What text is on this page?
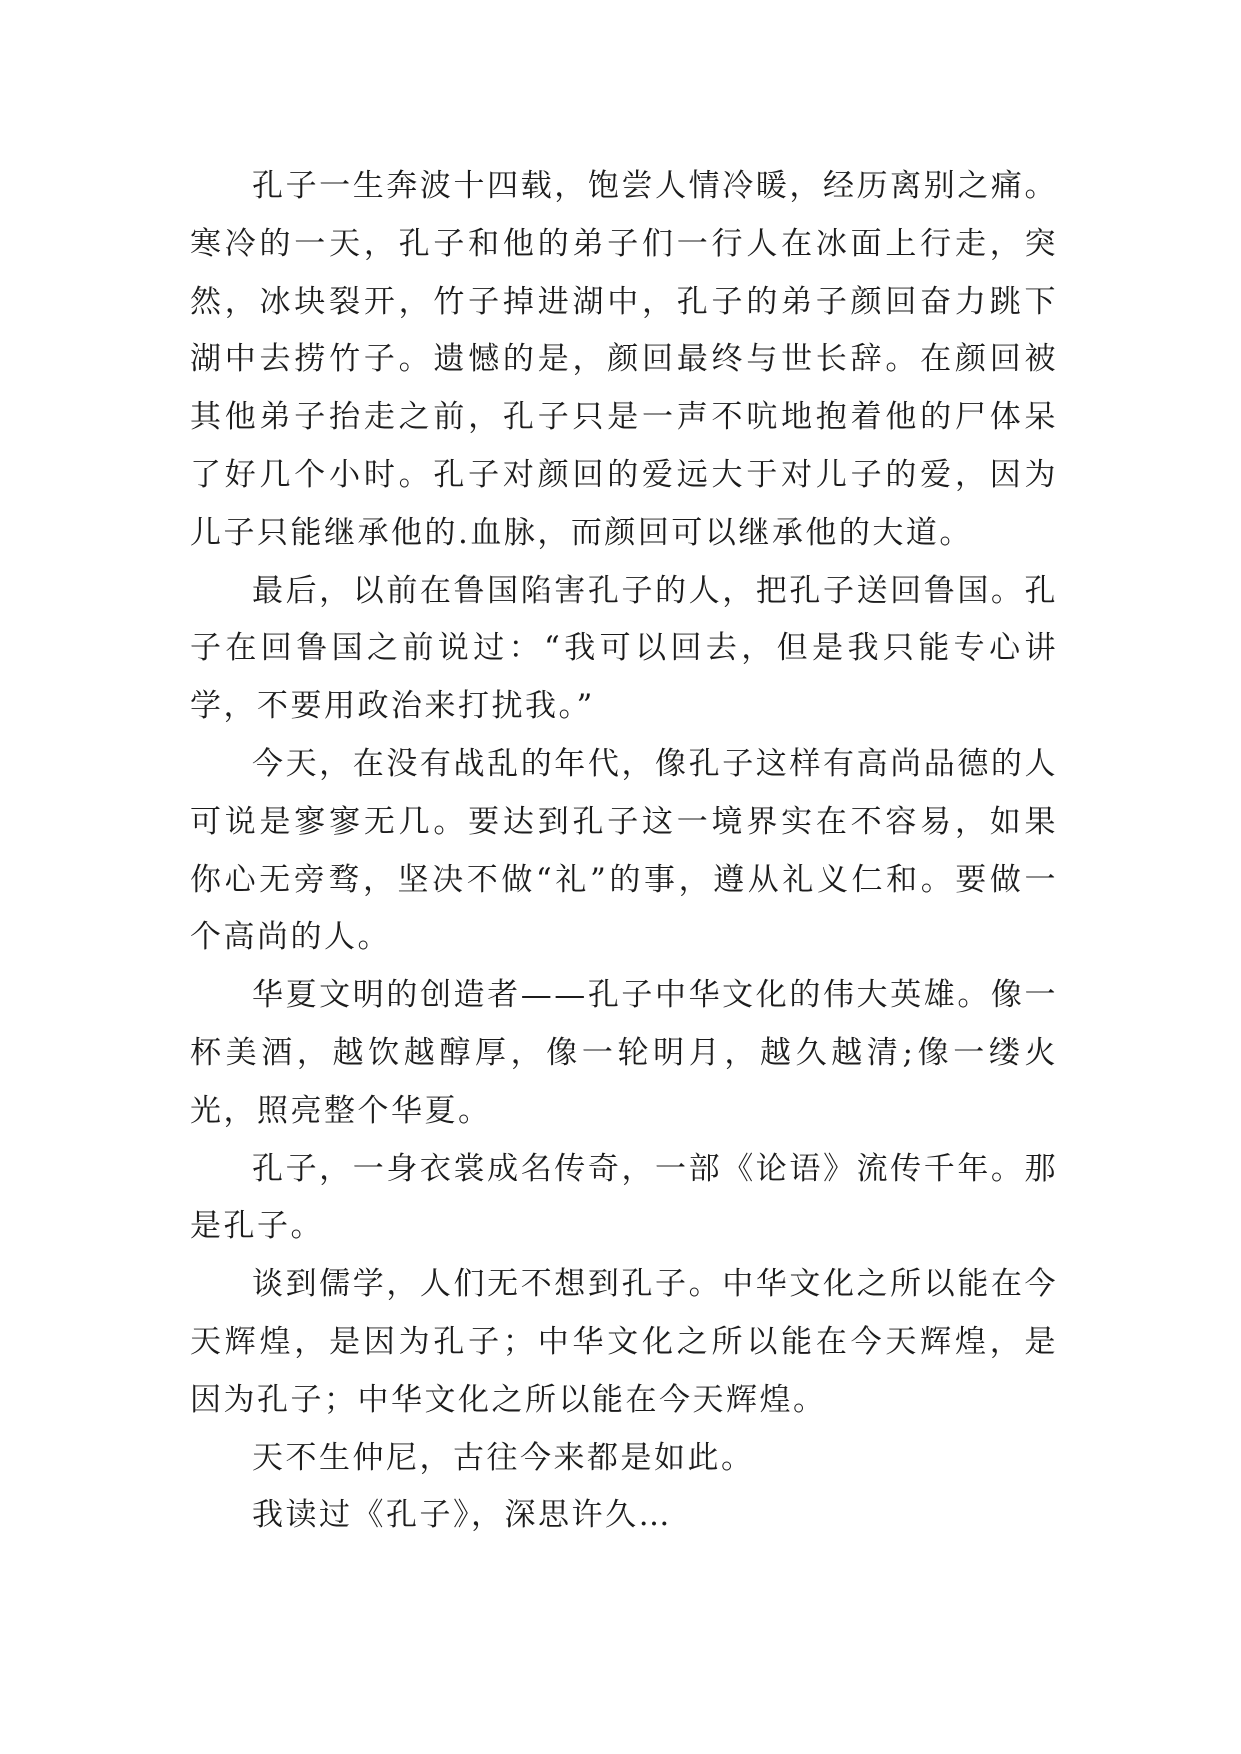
孔子一生奔波十四载，饱尝人情冷暖，经历离别之痛。寒冷的一天，孔子和他的弟子们一行人在冰面上行走，突然，冰块裂开，竹子掉进湖中，孔子的弟子颜回奋力跳下湖中去捞竹子。遗憾的是，颜回最终与世长辞。在颜回被其他弟子抬走之前，孔子只是一声不吭地抱着他的尸体呆了好几个小时。孔子对颜回的爱远大于对儿子的爱，因为儿子只能继承他的.血脉，而颜回可以继承他的大道。

最后，以前在鲁国陷害孔子的人，把孔子送回鲁国。孔子在回鲁国之前说过：“我可以回去，但是我只能专心讲学，不要用政治来打扰我。”

今天，在没有战乱的年代，像孔子这样有高尚品德的人可说是寥寥无几。要达到孔子这一境界实在不容易，如果你心无旁骛，坚决不做“礼”的事，遵从礼义仁和。要做一个高尚的人。

华夏文明的创造者——孔子中华文化的伟大英雄。像一杯美酒，越饮越醇厚，像一轮明月，越久越清;像一缕火光，照亮整个华夏。

孔子，一身衣裳成名传奇，一部《论语》流传千年。那是孔子。

谈到儒学，人们无不想到孔子。中华文化之所以能在今天辉煌，是因为孔子；中华文化之所以能在今天辉煌，是因为孔子；中华文化之所以能在今天辉煌。

天不生仲尼，古往今来都是如此。

我读过《孔子》，深思许久…
